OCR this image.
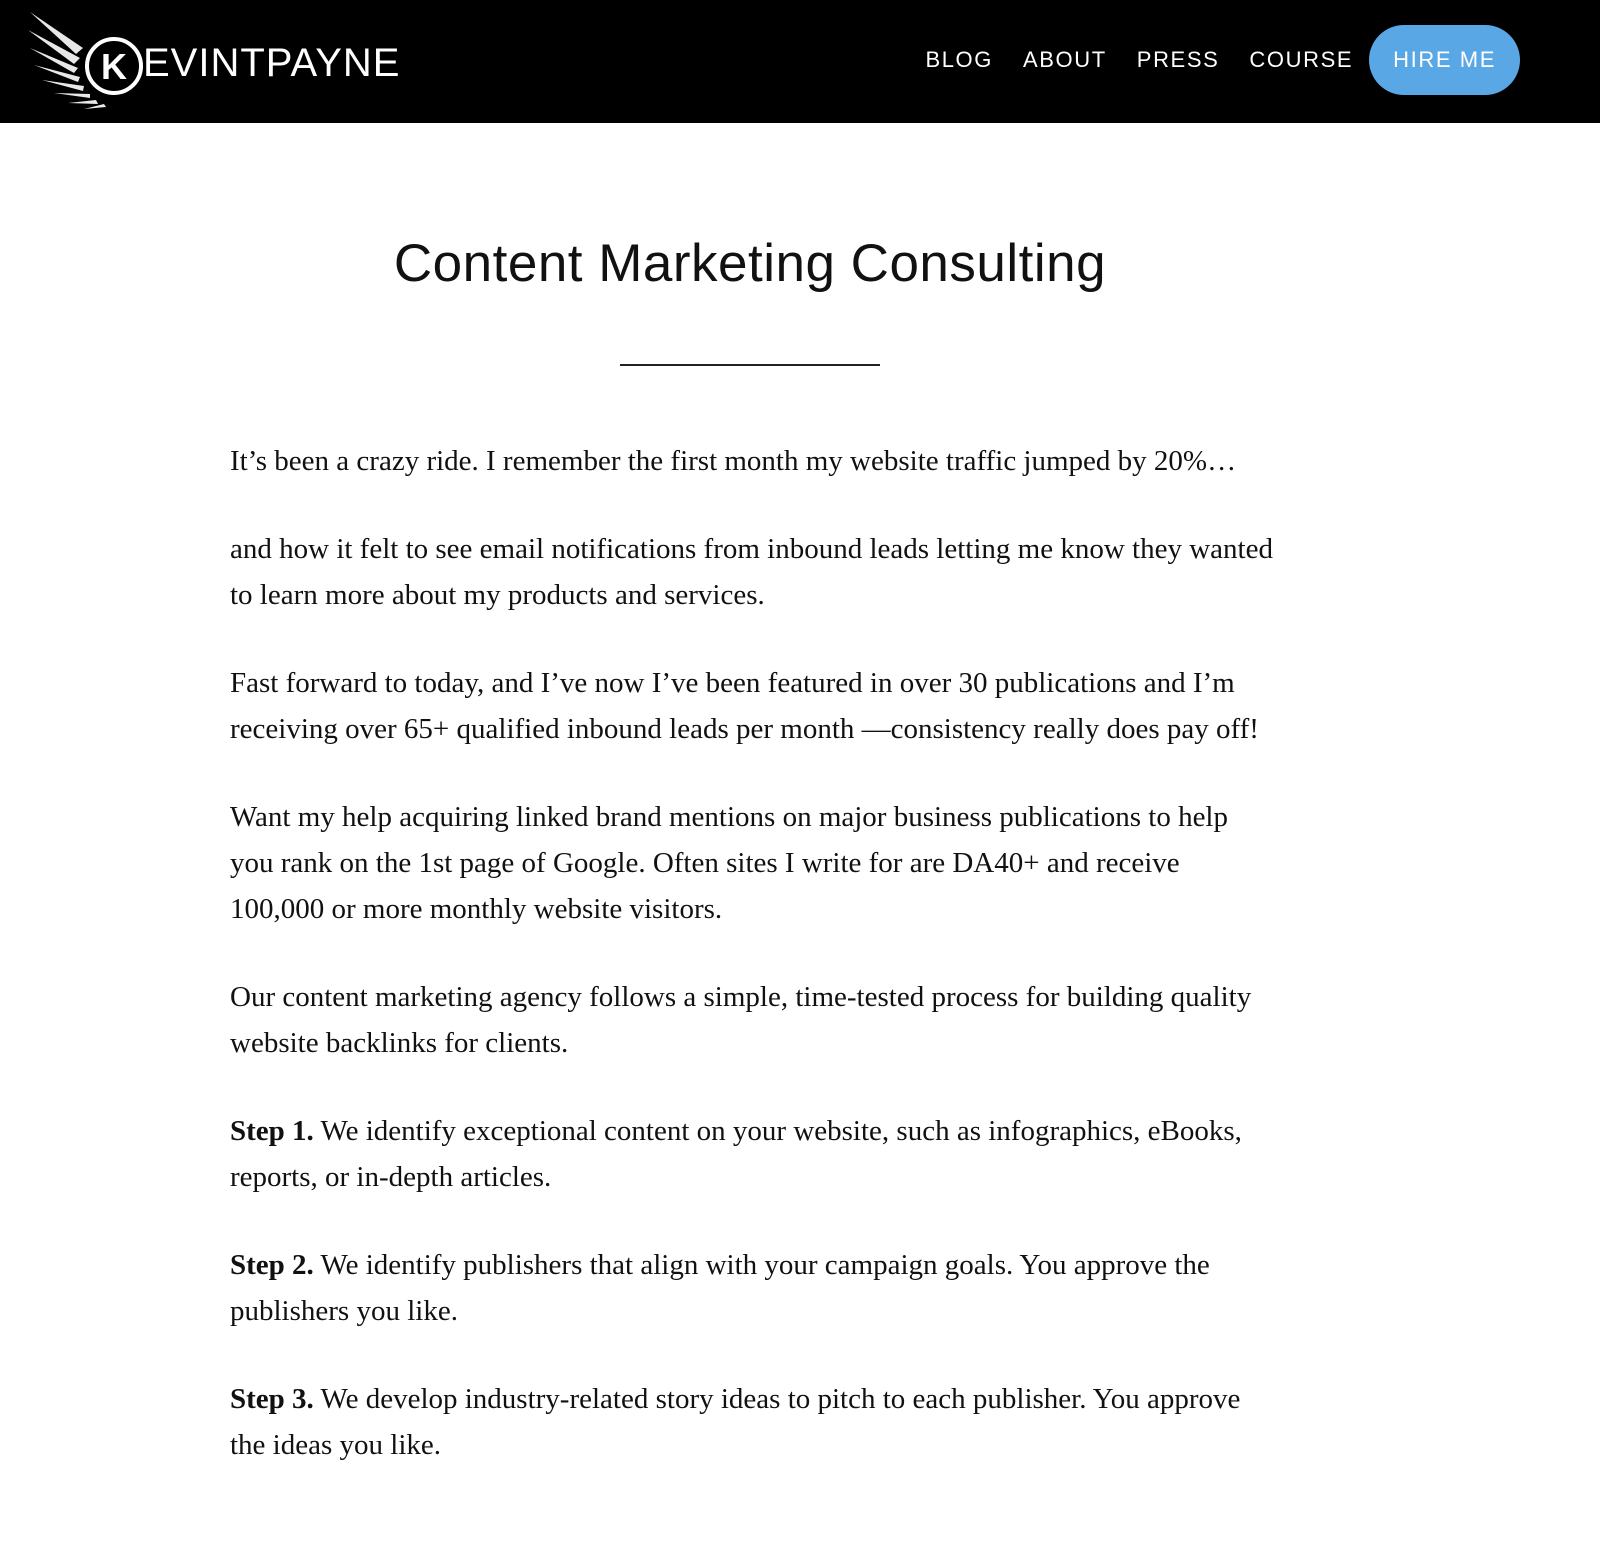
K EVINTPAYNE	BLOG ABOUT PRESS COURSE	HIRE ME
Content Marketing Consulting

It’s been a crazy ride. I remember the first month my website traffic jumped by 20%…

and how it felt to see email notifications from inbound leads letting me know they wanted to learn more about my products and services.

Fast forward to today, and I’ve now I’ve been featured in over 30 publications and I’m receiving over 65+ qualified inbound leads per month —consistency really does pay off!

Want my help acquiring linked brand mentions on major business publications to help you rank on the 1st page of Google. Often sites I write for are DA40+ and receive 100,000 or more monthly website visitors.

Our content marketing agency follows a simple, time-tested process for building quality website backlinks for clients.

Step 1. We identify exceptional content on your website, such as infographics, eBooks, reports, or in-depth articles.

Step 2. We identify publishers that align with your campaign goals. You approve the publishers you like.

Step 3. We develop industry-related story ideas to pitch to each publisher. You approve the ideas you like.
